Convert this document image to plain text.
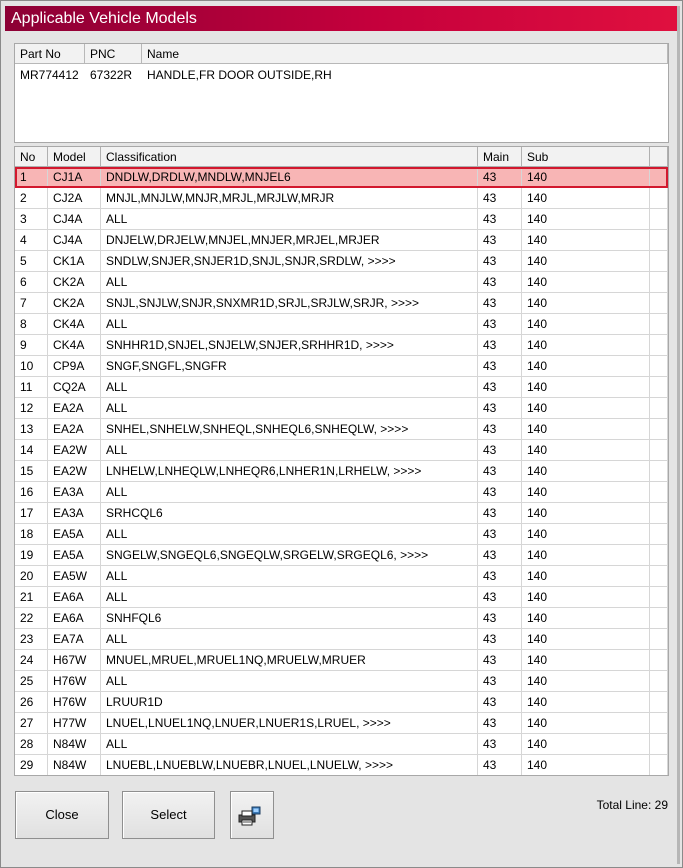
Applicable Vehicle Models
Part No	PNC	Name
MR774412 67322R	HANDLE,FR DOOR OUTSIDE,RH
No	Model	Classification	Main	Sub
1	CJ1A	DNDLW,DRDLW,MNDLW,MNJEL6	43	140
2	CJ2A	MNJL,MNJLW,MNJR,MRJL,MRJLW,MRJR	43	140
3	CJ4A	ALL	43	140
4	CJ4A	DNJELW,DRJELW,MNJEL,MNJER,MRJEL,MRJER	43	140
5	CK1A	SNDLW,SNJER,SNJER1D,SNJL,SNJR,SRDLW, >>>>	43	140
6	CK2A	ALL	43	140
7	CK2A	SNJL,SNJLW,SNJR,SNXMR1D,SRJL,SRJLW,SRJR, >>>>	43	140
8	CK4A	ALL	43	140
9	CK4A	SNHHR1D,SNJEL,SNJELW,SNJER,SRHHR1D, >>>>	43	140
10	CP9A	SNGF,SNGFL,SNGFR	43	140
11	CQ2A	ALL	43	140
12	EA2A	ALL	43	140
13	EA2A	SNHEL,SNHELW,SNHEQL,SNHEQL6,SNHEQLW, >>>>	43	140
14	EA2W	ALL	43	140
15	EA2W	LNHELW,LNHEQLW,LNHEQR6,LNHER1N,LRHELW, >>>>	43	140
16	EA3A	ALL	43	140
17	EA3A	SRHCQL6	43	140
18	EA5A	ALL	43	140
19	EA5A	SNGELW,SNGEQL6,SNGEQLW,SRGELW,SRGEQL6, >>>>	43	140
20	EA5W	ALL	43	140
21	EA6A	ALL	43	140
22	EA6A	SNHFQL6	43	140
23	EA7A	ALL	43	140
24	H67W	MNUEL,MRUEL,MRUEL1NQ,MRUELW,MRUER	43	140
25	H76W	ALL	43	140
26	H76W	LRUUR1D	43	140
27	H77W	LNUEL,LNUEL1NQ,LNUER,LNUER1S,LRUEL, >>>>	43	140
28	N84W	ALL	43	140
29	N84W	LNUEBL,LNUEBLW,LNUEBR,LNUEL,LNUELW, >>>>	43	140
Close	Select
Total Line: 29
